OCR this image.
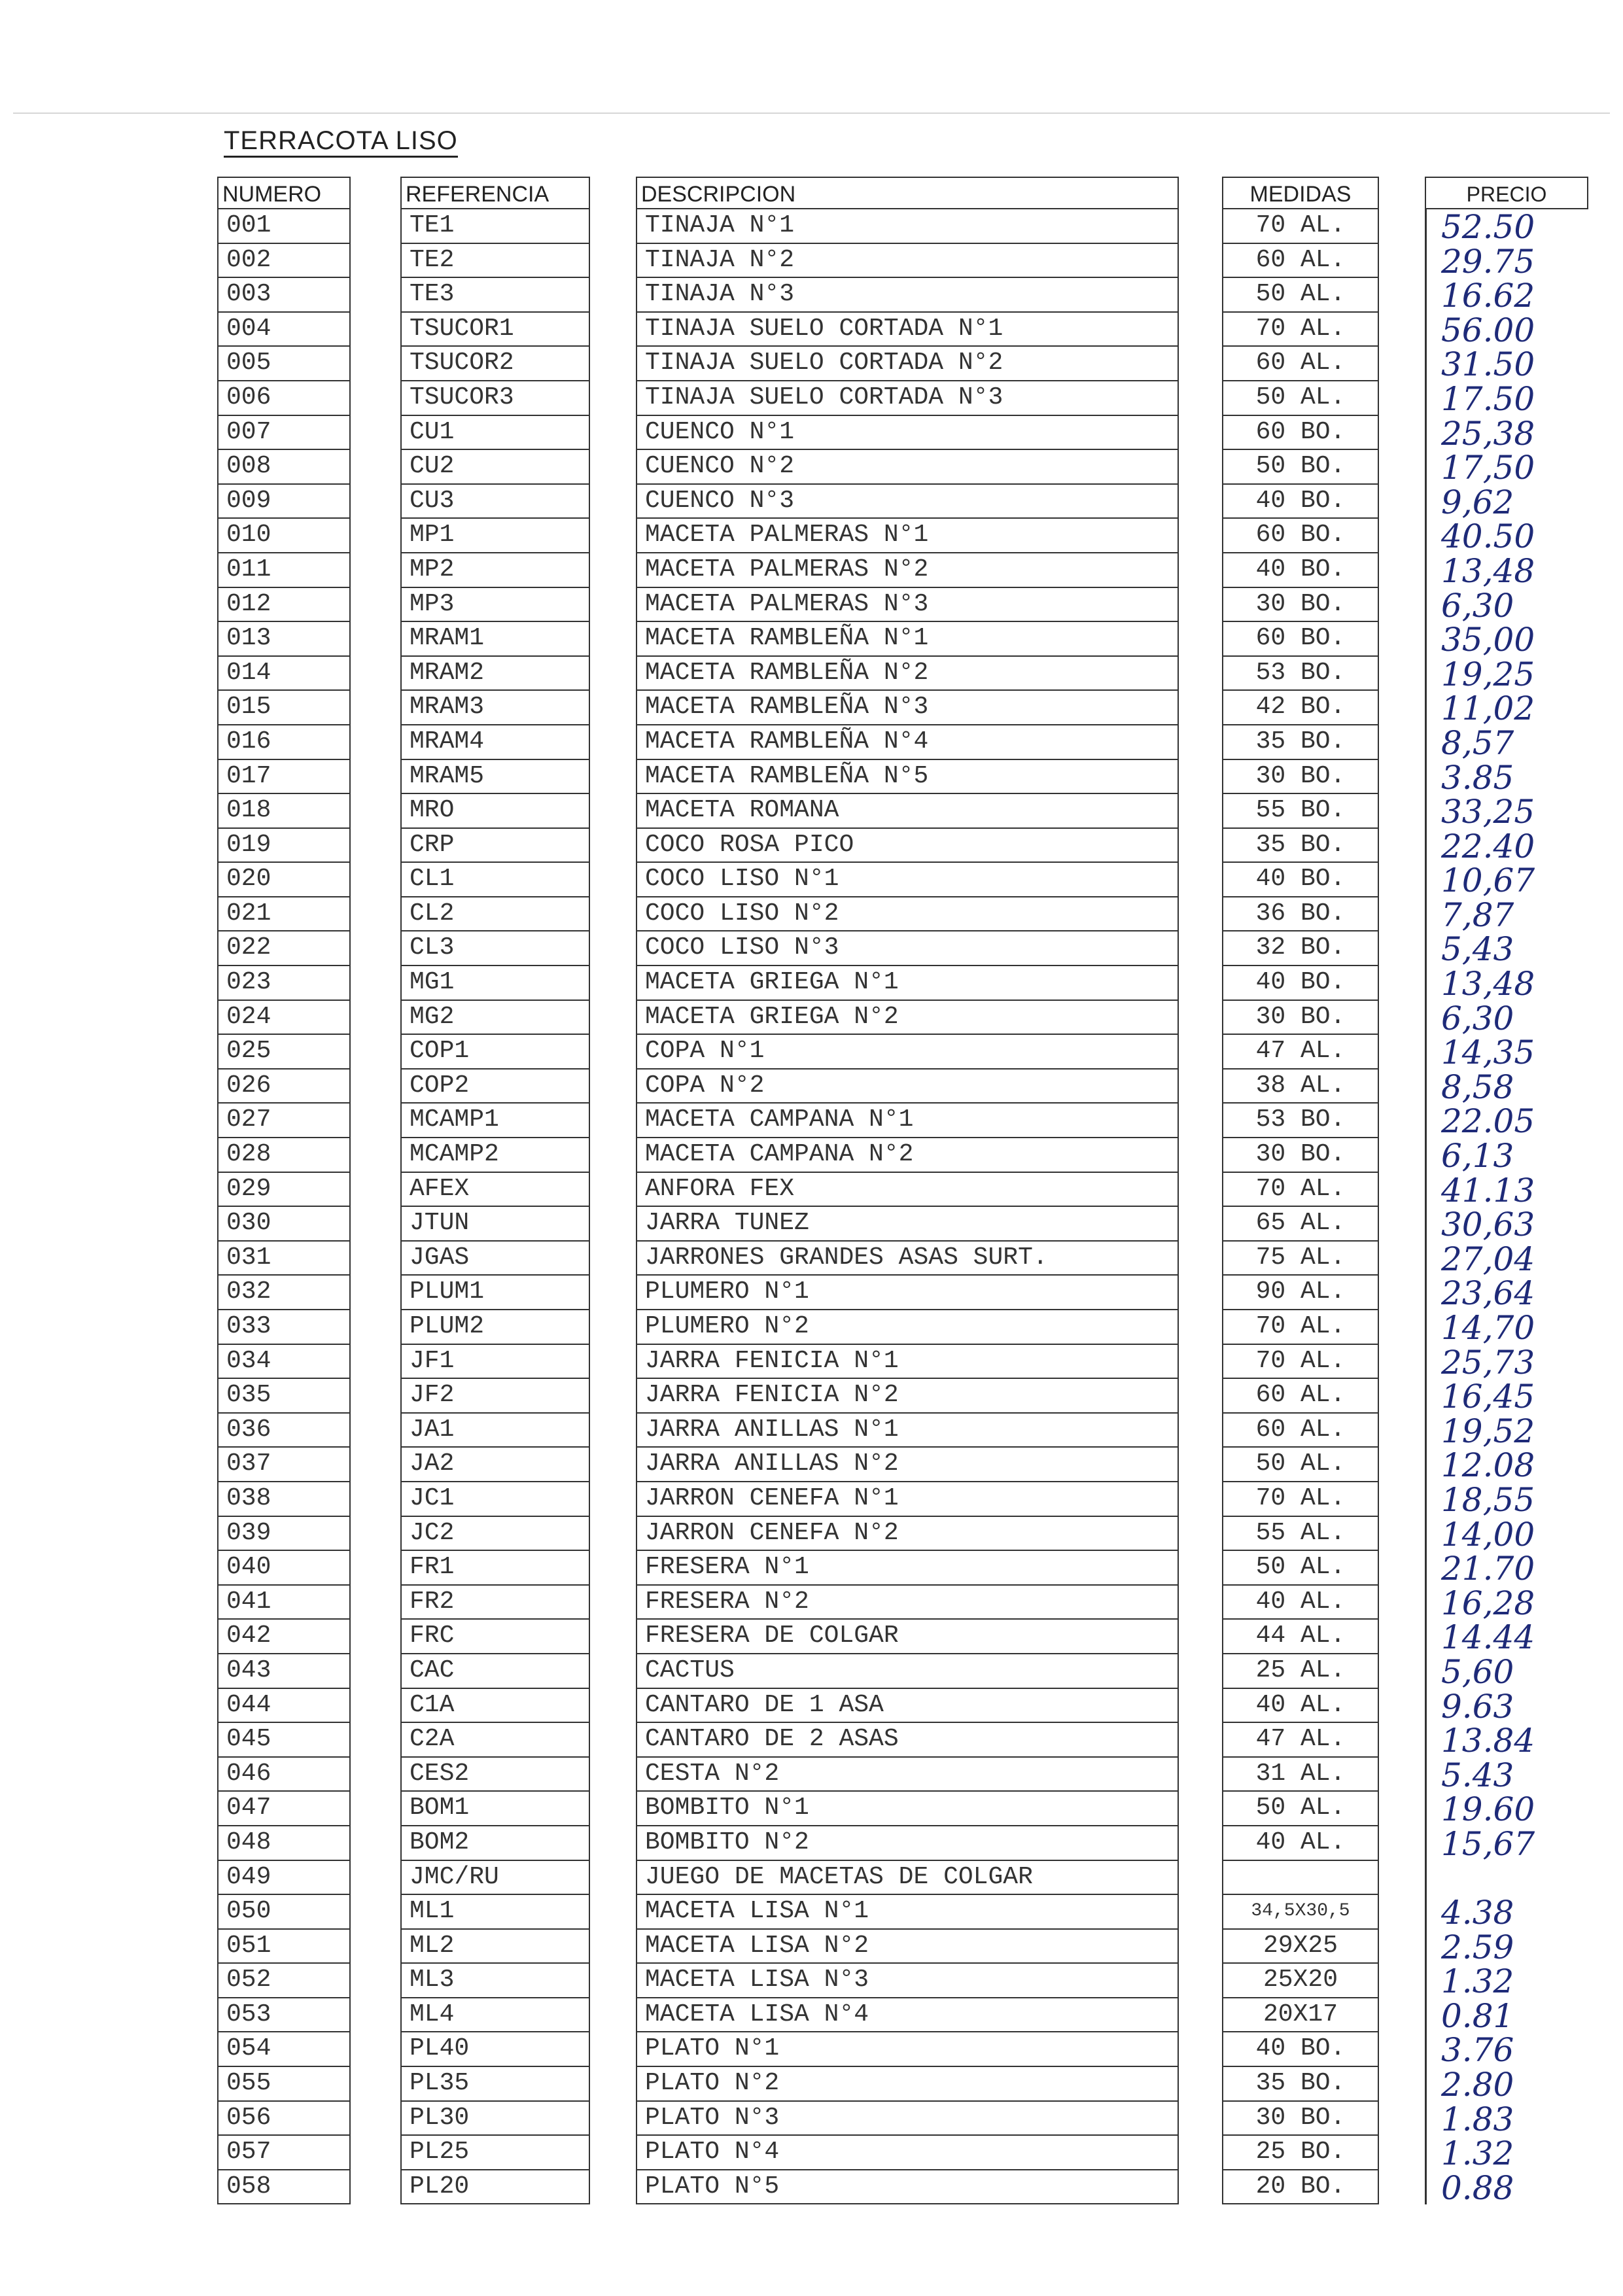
TERRACOTA LISO
NUMERO
001
002
003
004
005
006
007
008
009
010
011
012
013
014
015
016
017
018
019
020
021
022
023
024
025
026
027
028
029
030
031
032
033
034
035
036
037
038
039
040
041
042
043
044
045
046
047
048
049
050
051
052
053
054
055
056
057
058
REFERENCIA
TE1
TE2
TE3
TSUCOR1
TSUCOR2
TSUCOR3
CU1
CU2
CU3
MP1
MP2
MP3
MRAM1
MRAM2
MRAM3
MRAM4
MRAM5
MRO
CRP
CL1
CL2
CL3
MG1
MG2
COP1
COP2
MCAMP1
MCAMP2
AFEX
JTUN
JGAS
PLUM1
PLUM2
JF1
JF2
JA1
JA2
JC1
JC2
FR1
FR2
FRC
CAC
C1A
C2A
CES2
BOM1
BOM2
JMC/RU
ML1
ML2
ML3
ML4
PL40
PL35
PL30
PL25
PL20
DESCRIPCION
TINAJA N°1
TINAJA N°2
TINAJA N°3
TINAJA SUELO CORTADA N°1
TINAJA SUELO CORTADA N°2
TINAJA SUELO CORTADA N°3
CUENCO N°1
CUENCO N°2
CUENCO N°3
MACETA PALMERAS N°1
MACETA PALMERAS N°2
MACETA PALMERAS N°3
MACETA RAMBLEÑA N°1
MACETA RAMBLEÑA N°2
MACETA RAMBLEÑA N°3
MACETA RAMBLEÑA N°4
MACETA RAMBLEÑA N°5
MACETA ROMANA
COCO ROSA PICO
COCO LISO N°1
COCO LISO N°2
COCO LISO N°3
MACETA GRIEGA N°1
MACETA GRIEGA N°2
COPA N°1
COPA N°2
MACETA CAMPANA N°1
MACETA CAMPANA N°2
ANFORA FEX
JARRA TUNEZ
JARRONES GRANDES ASAS SURT.
PLUMERO N°1
PLUMERO N°2
JARRA FENICIA N°1
JARRA FENICIA N°2
JARRA ANILLAS N°1
JARRA ANILLAS N°2
JARRON CENEFA N°1
JARRON CENEFA N°2
FRESERA N°1
FRESERA N°2
FRESERA DE COLGAR
CACTUS
CANTARO DE 1 ASA
CANTARO DE 2 ASAS
CESTA N°2
BOMBITO N°1
BOMBITO N°2
JUEGO DE MACETAS DE COLGAR
MACETA LISA N°1
MACETA LISA N°2
MACETA LISA N°3
MACETA LISA N°4
PLATO N°1
PLATO N°2
PLATO N°3
PLATO N°4
PLATO N°5
MEDIDAS
70 AL.
60 AL.
50 AL.
70 AL.
60 AL.
50 AL.
60 BO.
50 BO.
40 BO.
60 BO.
40 BO.
30 BO.
60 BO.
53 BO.
42 BO.
35 BO.
30 BO.
55 BO.
35 BO.
40 BO.
36 BO.
32 BO.
40 BO.
30 BO.
47 AL.
38 AL.
53 BO.
30 BO.
70 AL.
65 AL.
75 AL.
90 AL.
70 AL.
70 AL.
60 AL.
60 AL.
50 AL.
70 AL.
55 AL.
50 AL.
40 AL.
44 AL.
25 AL.
40 AL.
47 AL.
31 AL.
50 AL.
40 AL.
34,5X30,5
29X25
25X20
20X17
40 BO.
35 BO.
30 BO.
25 BO.
20 BO.
PRECIO
52.50
29.75
16.62
56.00
31.50
17.50
25,38
17,50
9,62
40.50
13,48
6,30
35,00
19,25
11,02
8,57
3.85
33,25
22.40
10,67
7,87
5,43
13,48
6,30
14,35
8,58
22.05
6,13
41.13
30,63
27,04
23,64
14,70
25,73
16,45
19,52
12.08
18,55
14,00
21.70
16,28
14.44
5,60
9.63
13.84
5.43
19.60
15,67
4.38
2.59
1.32
0.81
3.76
2.80
1.83
1.32
0.88
